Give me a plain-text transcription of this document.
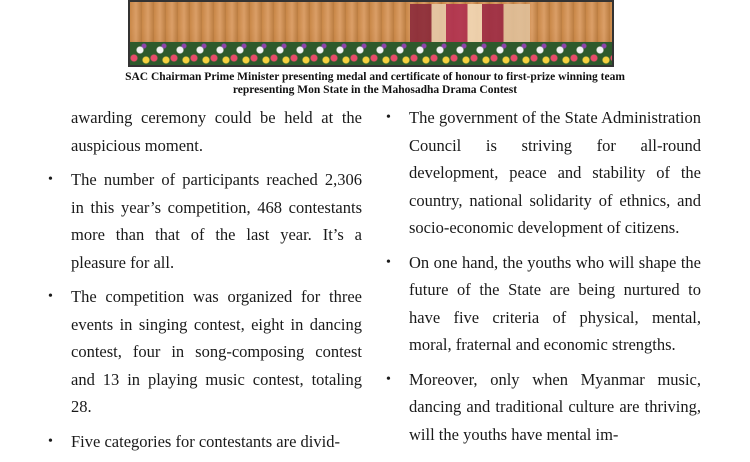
SAC Chairman Prime Minister presenting medal and certificate of honour to first-prize winning team
representing Mon State in the Mahosadha Drama Contest

awarding ceremony could be held at the auspicious moment.

• The number of participants reached 2,306 in this year’s competition, 468 contestants more than that of the last year. It’s a pleasure for all.

• The competition was organized for three events in singing contest, eight in dancing contest, four in song-composing contest and 13 in playing music contest, totaling 28.

• Five categories for contestants are divid-

• The government of the State Administration Council is striving for all-round development, peace and stability of the country, national solidarity of ethnics, and socio-economic development of citizens.

• On one hand, the youths who will shape the future of the State are being nurtured to have five criteria of physical, mental, moral, fraternal and economic strengths.

• Moreover, only when Myanmar music, dancing and traditional culture are thriving, will the youths have mental im-
